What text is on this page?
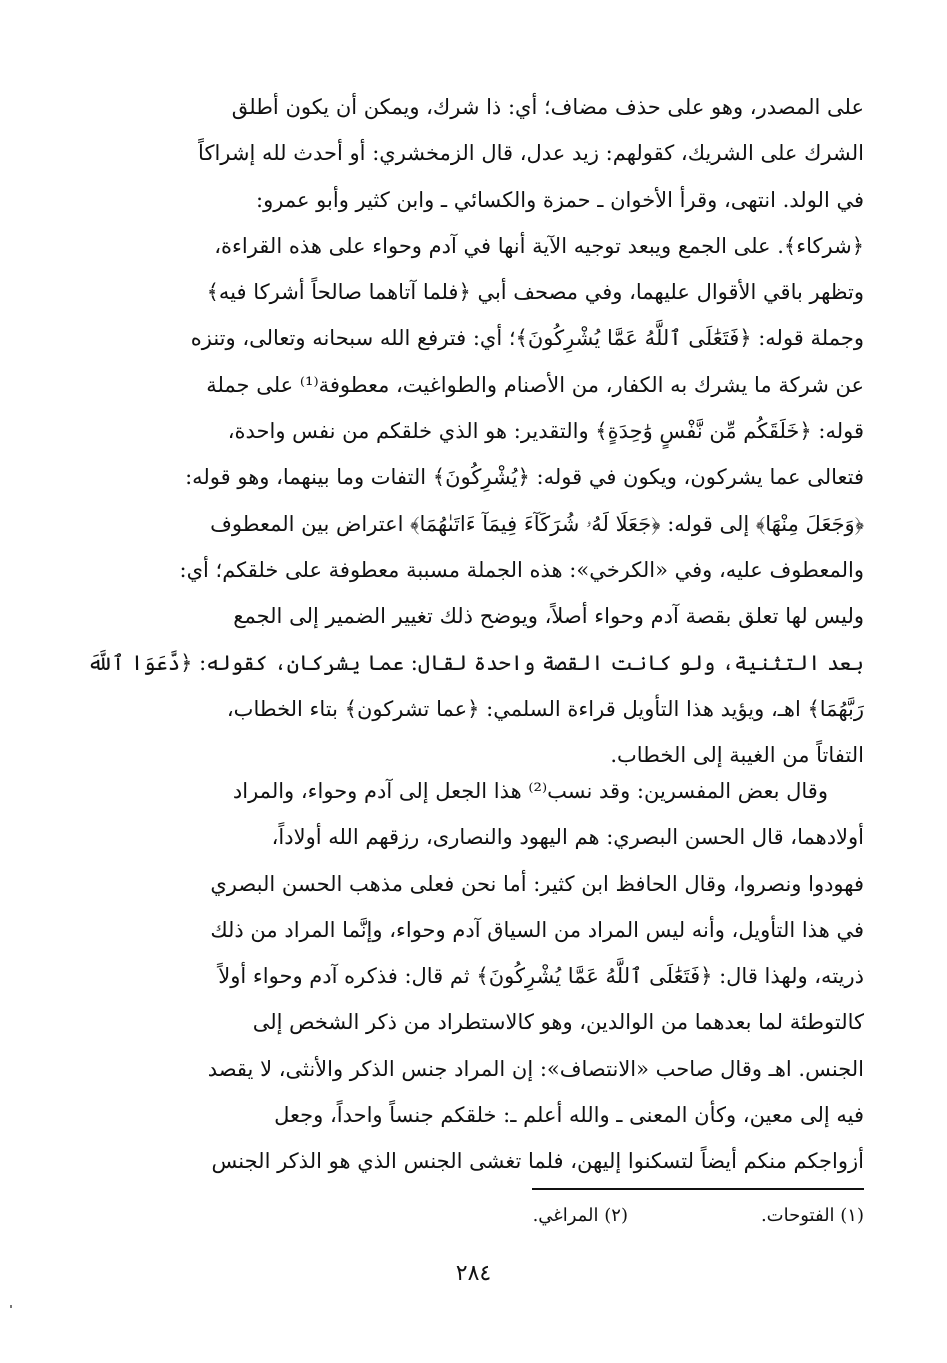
على المصدر، وهو على حذف مضاف؛ أي: ذا شرك، ويمكن أن يكون أطلق
الشرك على الشريك، كقولهم: زيد عدل، قال الزمخشري: أو أحدث لله إشراكاً
في الولد. انتهى، وقرأ الأخوان ـ حمزة والكسائي ـ وابن كثير وأبو عمرو:
﴿شركاء﴾. على الجمع ويبعد توجيه الآية أنها في آدم وحواء على هذه القراءة،
وتظهر باقي الأقوال عليهما، وفي مصحف أبي ﴿فلما آتاهما صالحاً أشركا فيه﴾
وجملة قوله: ﴿فَتَعَٰلَى ٱللَّهُ عَمَّا يُشْرِكُونَ﴾؛ أي: فترفع الله سبحانه وتعالى، وتنزه
عن شركة ما يشرك به الكفار، من الأصنام والطواغيت، معطوفة⁽¹⁾ على جملة
قوله: ﴿خَلَقَكُم مِّن نَّفْسٍ وَٰحِدَةٍ﴾ والتقدير: هو الذي خلقكم من نفس واحدة،
فتعالى عما يشركون، ويكون في قوله: ﴿يُشْرِكُونَ﴾ التفات وما بينهما، وهو قوله:
﴿وَجَعَلَ مِنْهَا﴾ إلى قوله: ﴿جَعَلَا لَهُۥ شُرَكَآءَ فِيمَآ ءَاتَىٰهُمَا﴾ اعتراض بين المعطوف
والمعطوف عليه، وفي «الكرخي»: هذه الجملة مسببة معطوفة على خلقكم؛ أي:
وليس لها تعلق بقصة آدم وحواء أصلاً، ويوضح ذلك تغيير الضمير إلى الجمع
بعد التثنية، ولو كانت القصة واحدة لقال: عما يشركان، كقوله: ﴿دَّعَوَا ٱللَّهَ
رَبَّهُمَا﴾ اهـ، ويؤيد هذا التأويل قراءة السلمي: ﴿عما تشركون﴾ بتاء الخطاب،
التفاتاً من الغيبة إلى الخطاب.
وقال بعض المفسرين: وقد نسب⁽²⁾ هذا الجعل إلى آدم وحواء، والمراد
أولادهما، قال الحسن البصري: هم اليهود والنصارى، رزقهم الله أولاداً،
فهودوا ونصروا، وقال الحافظ ابن كثير: أما نحن فعلى مذهب الحسن البصري
في هذا التأويل، وأنه ليس المراد من السياق آدم وحواء، وإنَّما المراد من ذلك
ذريته، ولهذا قال: ﴿فَتَعَٰلَى ٱللَّهُ عَمَّا يُشْرِكُونَ﴾ ثم قال: فذكره آدم وحواء أولاً
كالتوطئة لما بعدهما من الوالدين، وهو كالاستطراد من ذكر الشخص إلى
الجنس. اهـ وقال صاحب «الانتصاف»: إن المراد جنس الذكر والأنثى، لا يقصد
فيه إلى معين، وكأن المعنى ـ والله أعلم ـ: خلقكم جنساً واحداً، وجعل
أزواجكم منكم أيضاً لتسكنوا إليهن، فلما تغشى الجنس الذي هو الذكر الجنس
(١) الفتوحات.
(٢) المراغي.
٢٨٤
